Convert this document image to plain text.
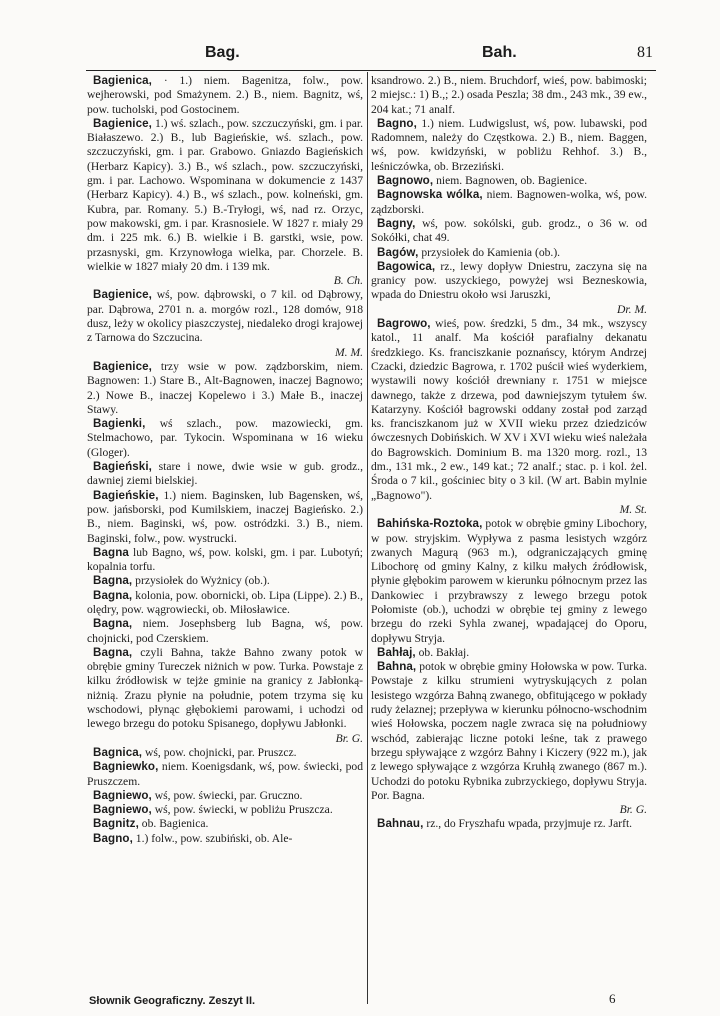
Bag.	Bah.	81

Bagienica, · 1.) niem. Bagenitza, folw., pow. wejherowski, pod Smażynem. 2.) B., niem. Bagnitz, wś, pow. tucholski, pod Gostocinem.

Bagienice, 1.) wś. szlach., pow. szczuczyński, gm. i par. Białaszewo. 2.) B., lub Bagieńskie, wś. szlach., pow. szczuczyński, gm. i par. Grabowo. Gniazdo Bagieńskich (Herbarz Kapicy). 3.) B., wś szlach., pow. szczuczyński, gm. i par. Lachowo. Wspominana w dokumencie z 1437 (Herbarz Kapicy). 4.) B., wś szlach., pow. kolneński, gm. Kubra, par. Romany. 5.) B.-Tryłogi, wś, nad rz. Orzyc, pow makowski, gm. i par. Krasnosiele. W 1827 r. miały 29 dm. i 225 mk. 6.) B. wielkie i B. garstki, wsie, pow. przasnyski, gm. Krzynowłoga wielka, par. Chorzele. B. wielkie w 1827 miały 20 dm. i 139 mk.
B. Ch.

Bagienice, wś, pow. dąbrowski, o 7 kil. od Dąbrowy, par. Dąbrowa, 2701 n. a. morgów rozl., 128 domów, 918 dusz, leży w okolicy piaszczystej, niedaleko drogi krajowej z Tarnowa do Szczucina.
M. M.

Bagienice, trzy wsie w pow. ządzborskim, niem. Bagnowen: 1.) Stare B., Alt-Bagnowen, inaczej Bagnowo; 2.) Nowe B., inaczej Kopelewo i 3.) Małe B., inaczej Stawy.

Bagienki, wś szlach., pow. mazowiecki, gm. Stelmachowo, par. Tykocin. Wspominana w 16 wieku (Gloger).

Bagieński, stare i nowe, dwie wsie w gub. grodz., dawniej ziemi bielskiej.

Bagieńskie, 1.) niem. Baginsken, lub Bagensken, wś, pow. jańsborski, pod Kumilskiem, inaczej Bagieńsko. 2.) B., niem. Baginski, wś, pow. ostródzki. 3.) B., niem. Baginski, folw., pow. wystrucki.

Bagna lub Bagno, wś, pow. kolski, gm. i par. Lubotyń; kopalnia torfu.

Bagna, przysiołek do Wyżnicy (ob.).

Bagna, kolonia, pow. obornicki, ob. Lipa (Lippe). 2.) B., olędry, pow. wągrowiecki, ob. Miłosławice.

Bagna, niem. Josephsberg lub Bagna, wś, pow. chojnicki, pod Czerskiem.

Bagna, czyli Bahna, także Bahno zwany potok w obrębie gminy Tureczek niżnich w pow. Turka. Powstaje z kilku źródłowisk w tejże gminie na granicy z Jabłonką-niżnią. Zrazu płynie na południe, potem trzyma się ku wschodowi, płynąc głębokiemi parowami, i uchodzi od lewego brzegu do potoku Spisanego, dopływu Jabłonki.
Br. G.

Bagnica, wś, pow. chojnicki, par. Pruszcz.

Bagniewko, niem. Koenigsdank, wś, pow. świecki, pod Pruszczem.

Bagniewo, wś, pow. świecki, par. Gruczno.

Bagniewo, wś, pow. świecki, w pobliżu Pruszcza.

Bagnitz, ob. Bagienica.

Bagno, 1.) folw., pow. szubiński, ob. Ale-

ksandrowo. 2.) B., niem. Bruchdorf, wieś, pow. babimoski; 2 miejsc.: 1) B.,; 2.) osada Peszla; 38 dm., 243 mk., 39 ew., 204 kat.; 71 analf.

Bagno, 1.) niem. Ludwigslust, wś, pow. lubawski, pod Radomnem, należy do Częstkowa. 2.) B., niem. Baggen, wś, pow. kwidzyński, w pobliżu Rehhof. 3.) B., leśniczówka, ob. Brzeziński.

Bagnowo, niem. Bagnowen, ob. Bagienice.

Bagnowska wólka, niem. Bagnowen-wolka, wś, pow. ządzborski.

Bagny, wś, pow. sokólski, gub. grodz., o 36 w. od Sokółki, chat 49.

Bagów, przysiołek do Kamienia (ob.).

Bagowica, rz., lewy dopływ Dniestru, zaczyna się na granicy pow. uszyckiego, powyżej wsi Bezneskowia, wpada do Dniestru około wsi Jaruszki,
Dr. M.

Bagrowo, wieś, pow. średzki, 5 dm., 34 mk., wszyscy katol., 11 analf. Ma kościół parafialny dekanatu średzkiego. Ks. franciszkanie poznańscy, którym Andrzej Czacki, dziedzic Bagrowa, r. 1702 puścił wieś wyderkiem, wystawili nowy kościół drewniany r. 1751 w miejsce dawnego, także z drzewa, pod dawniejszym tytułem św. Katarzyny. Kościół bagrowski oddany został pod zarząd ks. franciszkanom już w XVII wieku przez dziedziców ówczesnych Dobińskich. W XV i XVI wieku wieś należała do Bagrowskich. Dominium B. ma 1320 morg. rozl., 13 dm., 131 mk., 2 ew., 149 kat.; 72 analf.; stac. p. i kol. żel. Środa o 7 kil., gościniec bity o 3 kil. (W art. Babin mylnie „Bagnowo").
M. St.

Bahińska-Roztoka, potok w obrębie gminy Libochory, w pow. stryjskim. Wypływa z pasma lesistych wzgórz zwanych Magurą (963 m.), odgraniczających gminę Libochorę od gminy Kalny, z kilku małych źródłowisk, płynie głębokim parowem w kierunku północnym przez las Dankowiec i przybrawszy z lewego brzegu potok Połomiste (ob.), uchodzi w obrębie tej gminy z lewego brzegu do rzeki Syhla zwanej, wpadającej do Oporu, dopływu Stryja.

Bahłaj, ob. Bakłaj.

Bahna, potok w obrębie gminy Hołowska w pow. Turka. Powstaje z kilku strumieni wytryskujących z polan lesistego wzgórza Bahną zwanego, obfitującego w pokłady rudy żelaznej; przepływa w kierunku północno-wschodnim wieś Hołowska, poczem nagle zwraca się na południowy wschód, zabierając liczne potoki leśne, tak z prawego brzegu spływające z wzgórz Bahny i Kiczery (922 m.), jak z lewego spływające z wzgórza Kruhłą zwanego (867 m.). Uchodzi do potoku Rybnika zubrzyckiego, dopływu Stryja. Por. Bagna.
Br. G.

Bahnau, rz., do Fryszhafu wpada, przyjmuje rz. Jarft.

Słownik Geograficzny. Zeszyt II.	6
